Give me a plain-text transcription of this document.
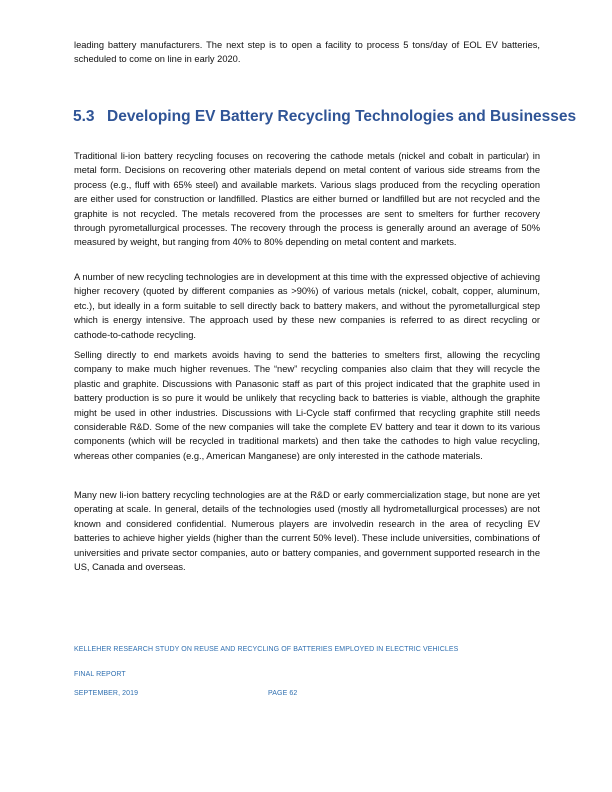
leading battery manufacturers. The next step is to open a facility to process 5 tons/day of EOL EV batteries, scheduled to come on line in early 2020.

5.3 Developing EV Battery Recycling Technologies and Businesses

Traditional li-ion battery recycling focuses on recovering the cathode metals (nickel and cobalt in particular) in metal form. Decisions on recovering other materials depend on metal content of various side streams from the process (e.g., fluff with 65% steel) and available markets. Various slags produced from the recycling operation are either used for construction or landfilled. Plastics are either burned or landfilled but are not recycled and the graphite is not recycled. The metals recovered from the processes are sent to smelters for further recovery through pyrometallurgical processes. The recovery through the process is generally around an average of 50% measured by weight, but ranging from 40% to 80% depending on metal content and markets.

A number of new recycling technologies are in development at this time with the expressed objective of achieving higher recovery (quoted by different companies as >90%) of various metals (nickel, cobalt, copper, aluminum, etc.), but ideally in a form suitable to sell directly back to battery makers, and without the pyrometallurgical step which is energy intensive. The approach used by these new companies is referred to as direct recycling or cathode-to-cathode recycling.

Selling directly to end markets avoids having to send the batteries to smelters first, allowing the recycling company to make much higher revenues. The “new” recycling companies also claim that they will recycle the plastic and graphite. Discussions with Panasonic staff as part of this project indicated that the graphite used in battery production is so pure it would be unlikely that recycling back to batteries is viable, although the graphite might be used in other industries. Discussions with Li-Cycle staff confirmed that recycling graphite still needs considerable R&D. Some of the new companies will take the complete EV battery and tear it down to its various components (which will be recycled in traditional markets) and then take the cathodes to high value recycling, whereas other companies (e.g., American Manganese) are only interested in the cathode materials.

Many new li-ion battery recycling technologies are at the R&D or early commercialization stage, but none are yet operating at scale. In general, details of the technologies used (mostly all hydrometallurgical processes) are not known and considered confidential. Numerous players are involvedin research in the area of recycling EV batteries to achieve higher yields (higher than the current 50% level). These include universities, combinations of universities and private sector companies, auto or battery companies, and government supported research in the US, Canada and overseas.

KELLEHER RESEARCH STUDY ON REUSE AND RECYCLING OF BATTERIES EMPLOYED IN ELECTRIC VEHICLES
FINAL REPORT
SEPTEMBER, 2019	PAGE 62
